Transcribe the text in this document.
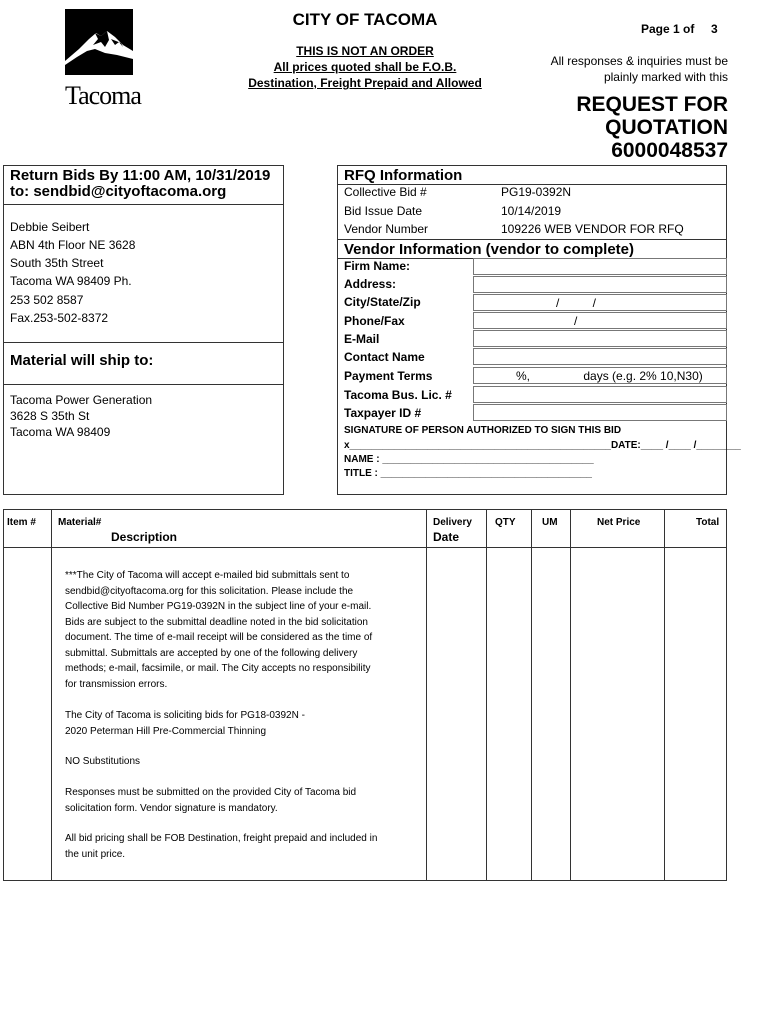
Tacoma
CITY OF TACOMA
THIS IS NOT AN ORDER
All prices quoted shall be F.O.B.
Destination, Freight Prepaid and Allowed
Page 1 of 3
All responses & inquiries must be
plainly marked with this
REQUEST FOR
QUOTATION
6000048537
Return Bids By 11:00 AM, 10/31/2019
to: sendbid@cityoftacoma.org
Debbie Seibert
ABN 4th Floor NE 3628
South 35th Street
Tacoma WA 98409 Ph.
253 502 8587
Fax.253-502-8372
Material will ship to:
Tacoma Power Generation
3628 S 35th St
Tacoma WA 98409
RFQ Information
Collective Bid #	PG19-0392N
Bid Issue Date	10/14/2019
Vendor Number	109226 WEB VENDOR FOR RFQ
Vendor Information (vendor to complete)
Firm Name:
Address:
City/State/Zip	/          /
Phone/Fax	/
E-Mail
Contact Name
Payment Terms	%,                days (e.g. 2% 10,N30)
Tacoma Bus. Lic. #
Taxpayer ID #
SIGNATURE OF PERSON AUTHORIZED TO SIGN THIS BID
x_______________________________________________DATE:____ /____ /________
NAME : ______________________________________
TITLE : ______________________________________
Item # Material#
Description
Delivery
Date
QTY	UM	Net Price	Total
***The City of Tacoma will accept e-mailed bid submittals sent to
sendbid@cityoftacoma.org for this solicitation. Please include the
Collective Bid Number PG19-0392N in the subject line of your e-mail.
Bids are subject to the submittal deadline noted in the bid solicitation
document. The time of e-mail receipt will be considered as the time of
submittal. Submittals are accepted by one of the following delivery
methods; e-mail, facsimile, or mail. The City accepts no responsibility
for transmission errors.
The City of Tacoma is soliciting bids for PG18-0392N -
2020 Peterman Hill Pre-Commercial Thinning
NO Substitutions
Responses must be submitted on the provided City of Tacoma bid
solicitation form. Vendor signature is mandatory.
All bid pricing shall be FOB Destination, freight prepaid and included in
the unit price.
